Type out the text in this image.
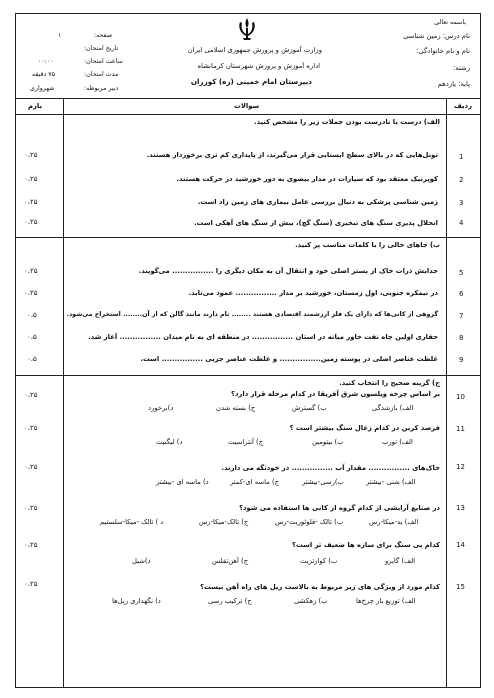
باسمه تعالی
نام درس: زمین شناسی
نام و نام خانوادگی:
رشته:
پایه: یازدهم
وزارت آموزش و پرورش جمهوری اسلامی ایران
اداره آموزش و پرورش شهرستان کرمانشاه
دبیرستان امام خمینی (ره) کوزران
صفحه:
۱
تاریخ امتحان:
ساعت امتحان:
۰۰:۰۰
مدت امتحان:
۷۵ دقیقه
دبیر مربوطه:
شهرواری
ردیف
سوالات
بارم
الف) درست یا نادرست بودن جملات زیر را مشخص کنید.
1
تونل‌هایی که در بالای سطح ایستابی قرار می‌گیرند، از پایداری کم تری برخوردار هستند.
۰،۲۵
2
کوپرنیک معتقد بود که سیارات در مدار بیضوی به دور خورشید در حرکت هستند.
۰،۲۵
3
زمین شناسی پزشکی به دنبال بررسی عامل بیماری های زمین زاد است.
۰،۲۵
4
انحلال پذیری سنگ های تبخیری (سنگ گچ)، بیش از سنگ های آهکی است.
۰،۲۵
ب) جاهای خالی را با کلمات مناسب پر کنید.
5
جدایش ذرات خاک از بستر اصلی خود و انتقال آن به مکان دیگری را ................ می‌گویند.
۰،۲۵
6
در نیمکره جنوبی، اول زمستان، خورشید بر مدار ................ عمود می‌تابد.
۰،۲۵
7
گروهی از کانی‌ها که دارای یک فلز ارزشمند اقتصادی هستند ........ نام دارند مانند گالن که از آن........ استخراج می‌شود.
۰،۵
8
حفاری اولین چاه نفت خاور میانه در استان ................ در منطقه ای به نام میدان ................ آغاز شد.
۰،۵
9
غلظت عناصر اصلی در پوسته زمین................ و غلظت عناصر جزیی ................ است.
۰،۵
ج) گزینه صحیح را انتخاب کنید.
10
بر اساس چرخه ویلسون شرق آفریقا در کدام مرحله قرار دارد؟
الف) بازشدگی
ب) گسترش
ج) بسته شدن
د)برخورد
۰،۲۵
11
فرصد کربن در کدام زغال سنگ بیشتر است ؟
الف) تورب
ب) بیتومین
ج) آنتراسیت
د) لیگنیت
۰،۲۵
12
خاک‌های ................ مقدار آب ................ در خودنگه می دارند.
الف) شنی -بیشتر
ب)رسی-بیشتر
ج) ماسه ای-کمتر
د) ماسه ای -بیشتر
۰،۲۵
13
در صنایع آرایشی از کدام گروه از کانی ها استفاده می شود؟
الف) ید-میکا-رس
ب) تالک -فلوئوریت-رس
ج) تالک-میکا-رس
د ) تالک -میکا-سلستیم
۰،۲۵
14
کدام پی سنگ برای سازه ها ضعیف تر است؟
الف) گابرو
ب) کوارتزیت
ج) آهن‌تفلس
د)شیل
۰،۲۵
15
کدام مورد از ویژگی های زیر مربوط به بالاست ریل های راه آهن نیست؟
الف) توزیع بار چرخ‌ها
ب) زهکشی
ج) ترکیب رسی
د) نگهداری ریل‌ها
۰،۲۵
